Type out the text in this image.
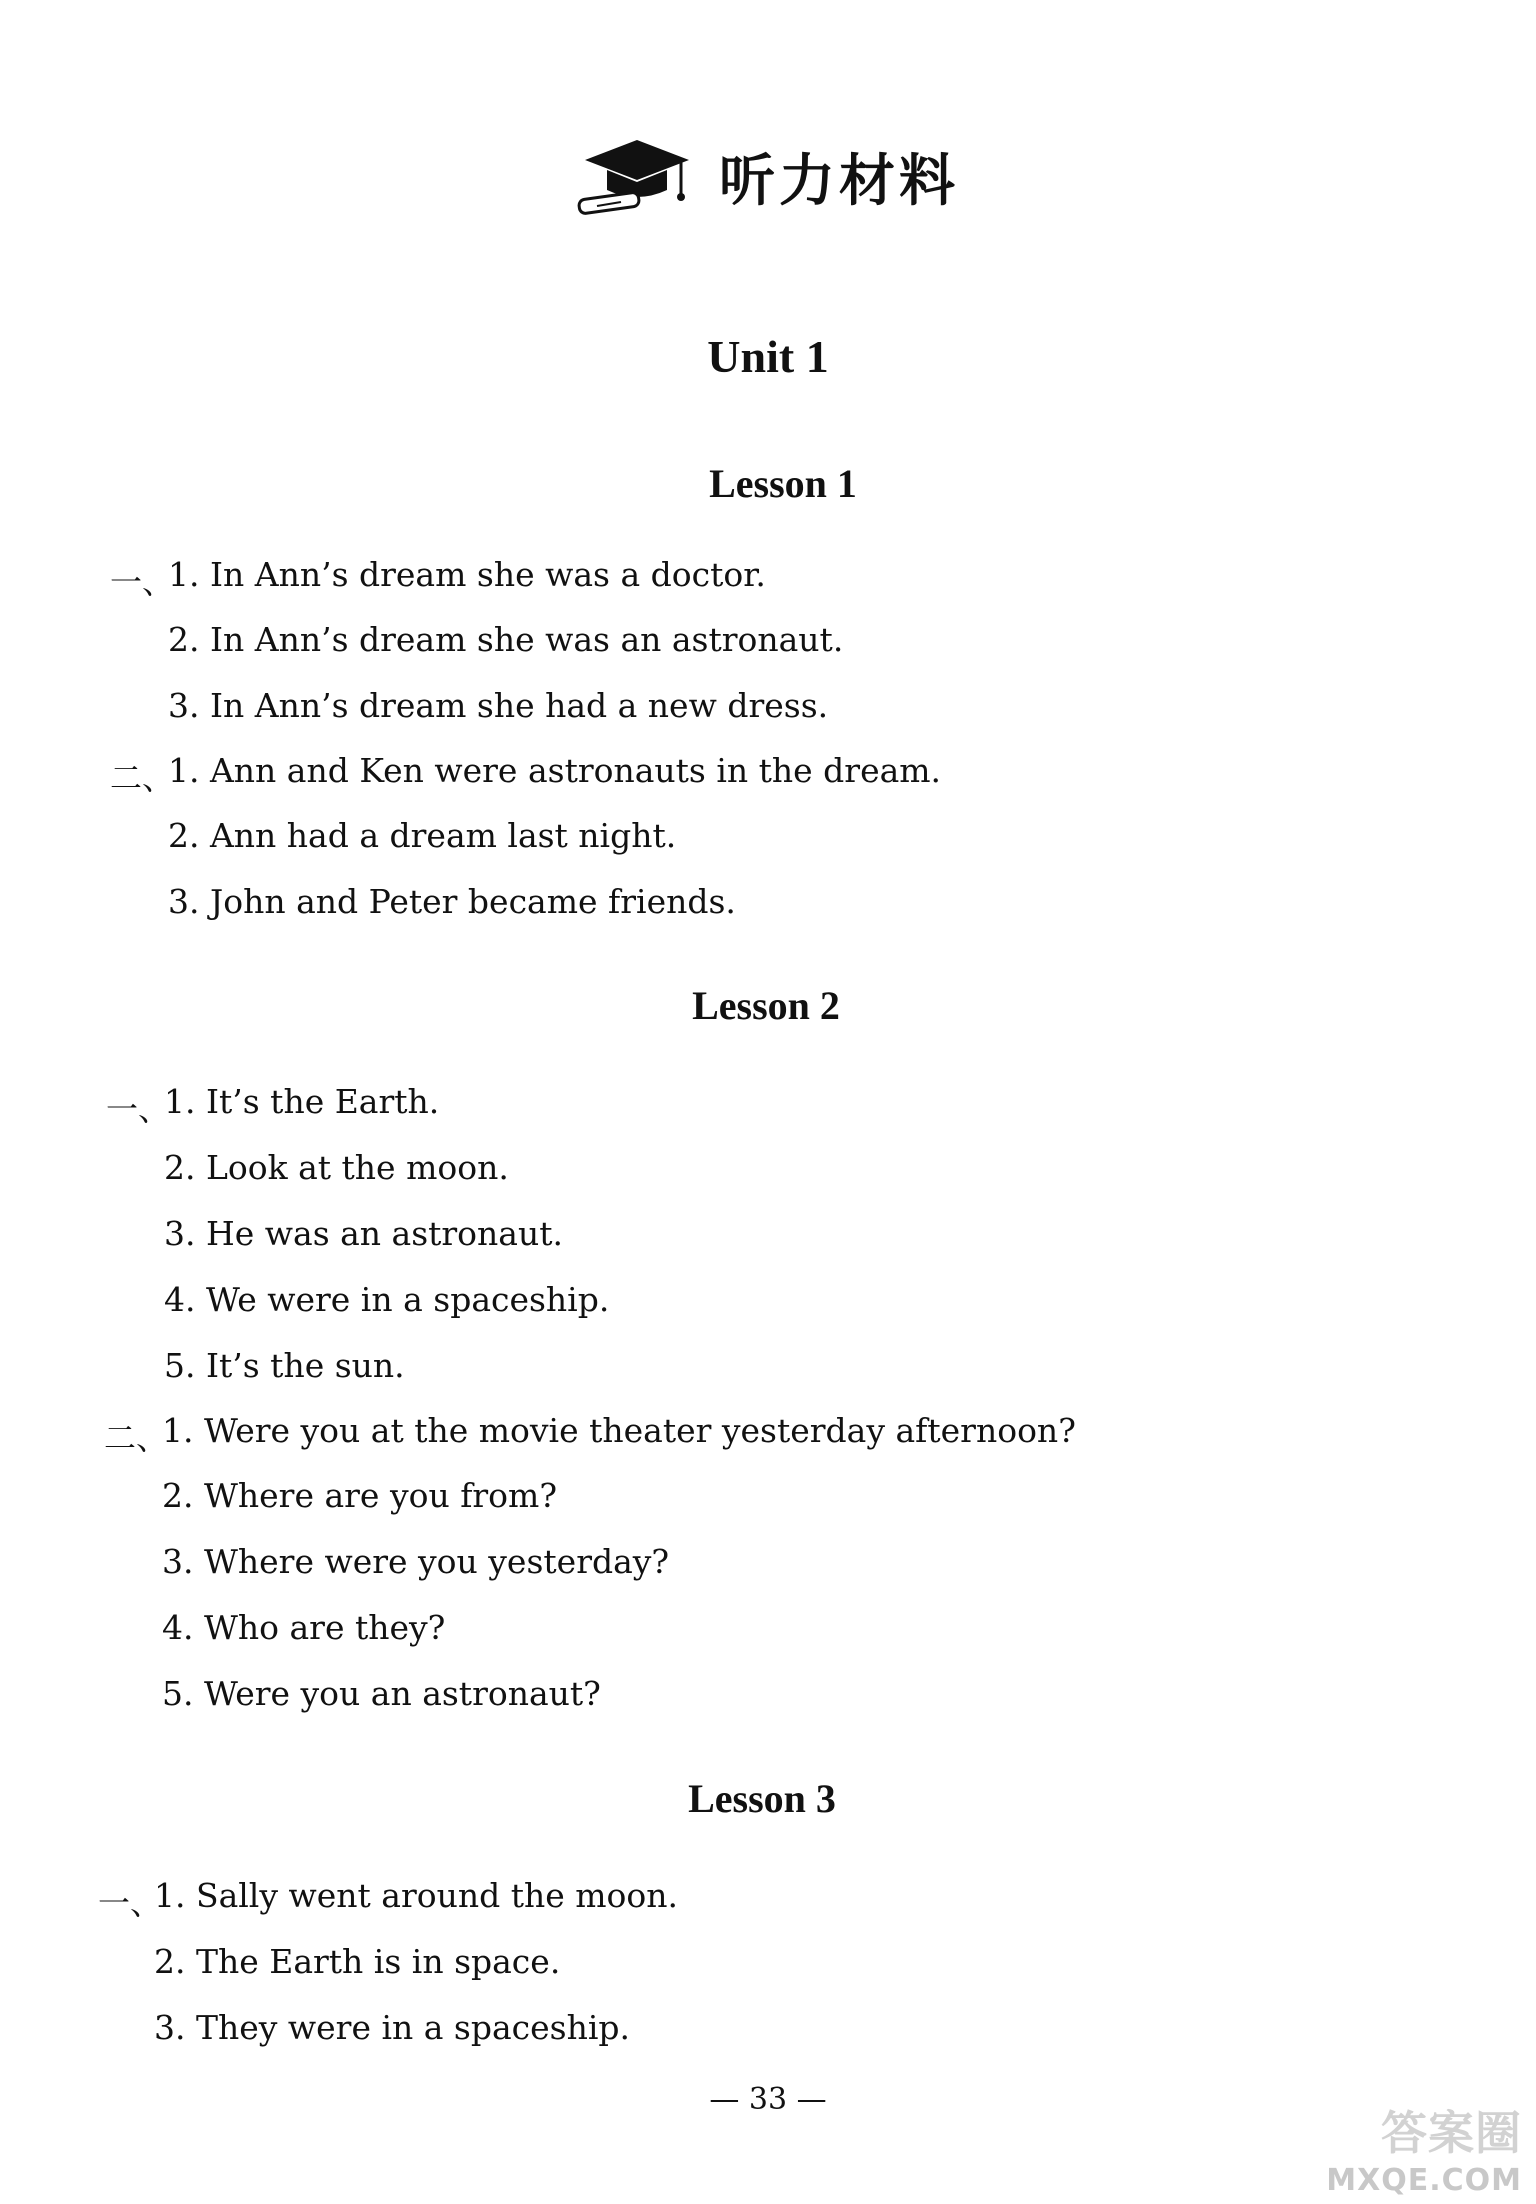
听力材料
Unit 1
Lesson 1
一、
1. In Ann’s dream she was a doctor.
2. In Ann’s dream she was an astronaut.
3. In Ann’s dream she had a new dress.
二、
1. Ann and Ken were astronauts in the dream.
2. Ann had a dream last night.
3. John and Peter became friends.
Lesson 2
一、
1. It’s the Earth.
2. Look at the moon.
3. He was an astronaut.
4. We were in a spaceship.
5. It’s the sun.
二、
1. Were you at the movie theater yesterday afternoon?
2. Where are you from?
3. Where were you yesterday?
4. Who are they?
5. Were you an astronaut?
Lesson 3
一、
1. Sally went around the moon.
2. The Earth is in space.
3. They were in a spaceship.
— 33 —
答案圈
MXQE.COM
